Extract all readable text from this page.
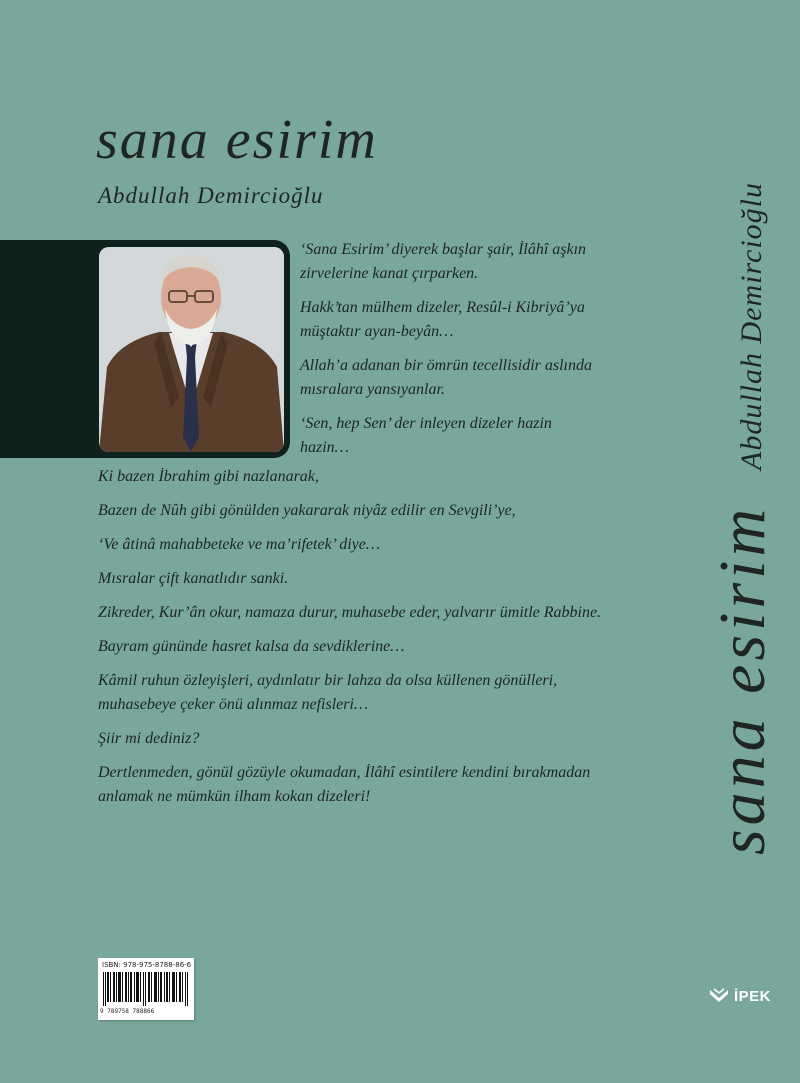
sana esirim
Abdullah Demircioğlu

‘Sana Esirim’ diyerek başlar şair, İlâhî aşkın zirvelerine kanat çırparken.

Hakk’tan mülhem dizeler, Resûl-i Kibriyâ’ya müştaktır ayan-beyân…

Allah’a adanan bir ömrün tecellisidir aslında mısralara yansıyanlar.

‘Sen, hep Sen’ der inleyen dizeler hazin hazin…

Ki bazen İbrahim gibi nazlanarak,

Bazen de Nûh gibi gönülden yakararak niyâz edilir en Sevgili’ye,

‘Ve âtinâ mahabbeteke ve ma’rifetek’ diye…

Mısralar çift kanatlıdır sanki.

Zikreder, Kur’ân okur, namaza durur, muhasebe eder, yalvarır ümitle Rabbine.

Bayram gününde hasret kalsa da sevdiklerine…

Kâmil ruhun özleyişleri, aydınlatır bir lahza da olsa küllenen gönülleri, muhasebeye çeker önü alınmaz nefisleri…

Şiir mi dediniz?

Dertlenmeden, gönül gözüyle okumadan, İlâhî esintilere kendini bırakmadan anlamak ne mümkün ilham kokan dizeleri!	sana esirim
Abdullah Demircioğlu
ISBN: 978-975-8788-86-6
9 789758 788866
İPEK
